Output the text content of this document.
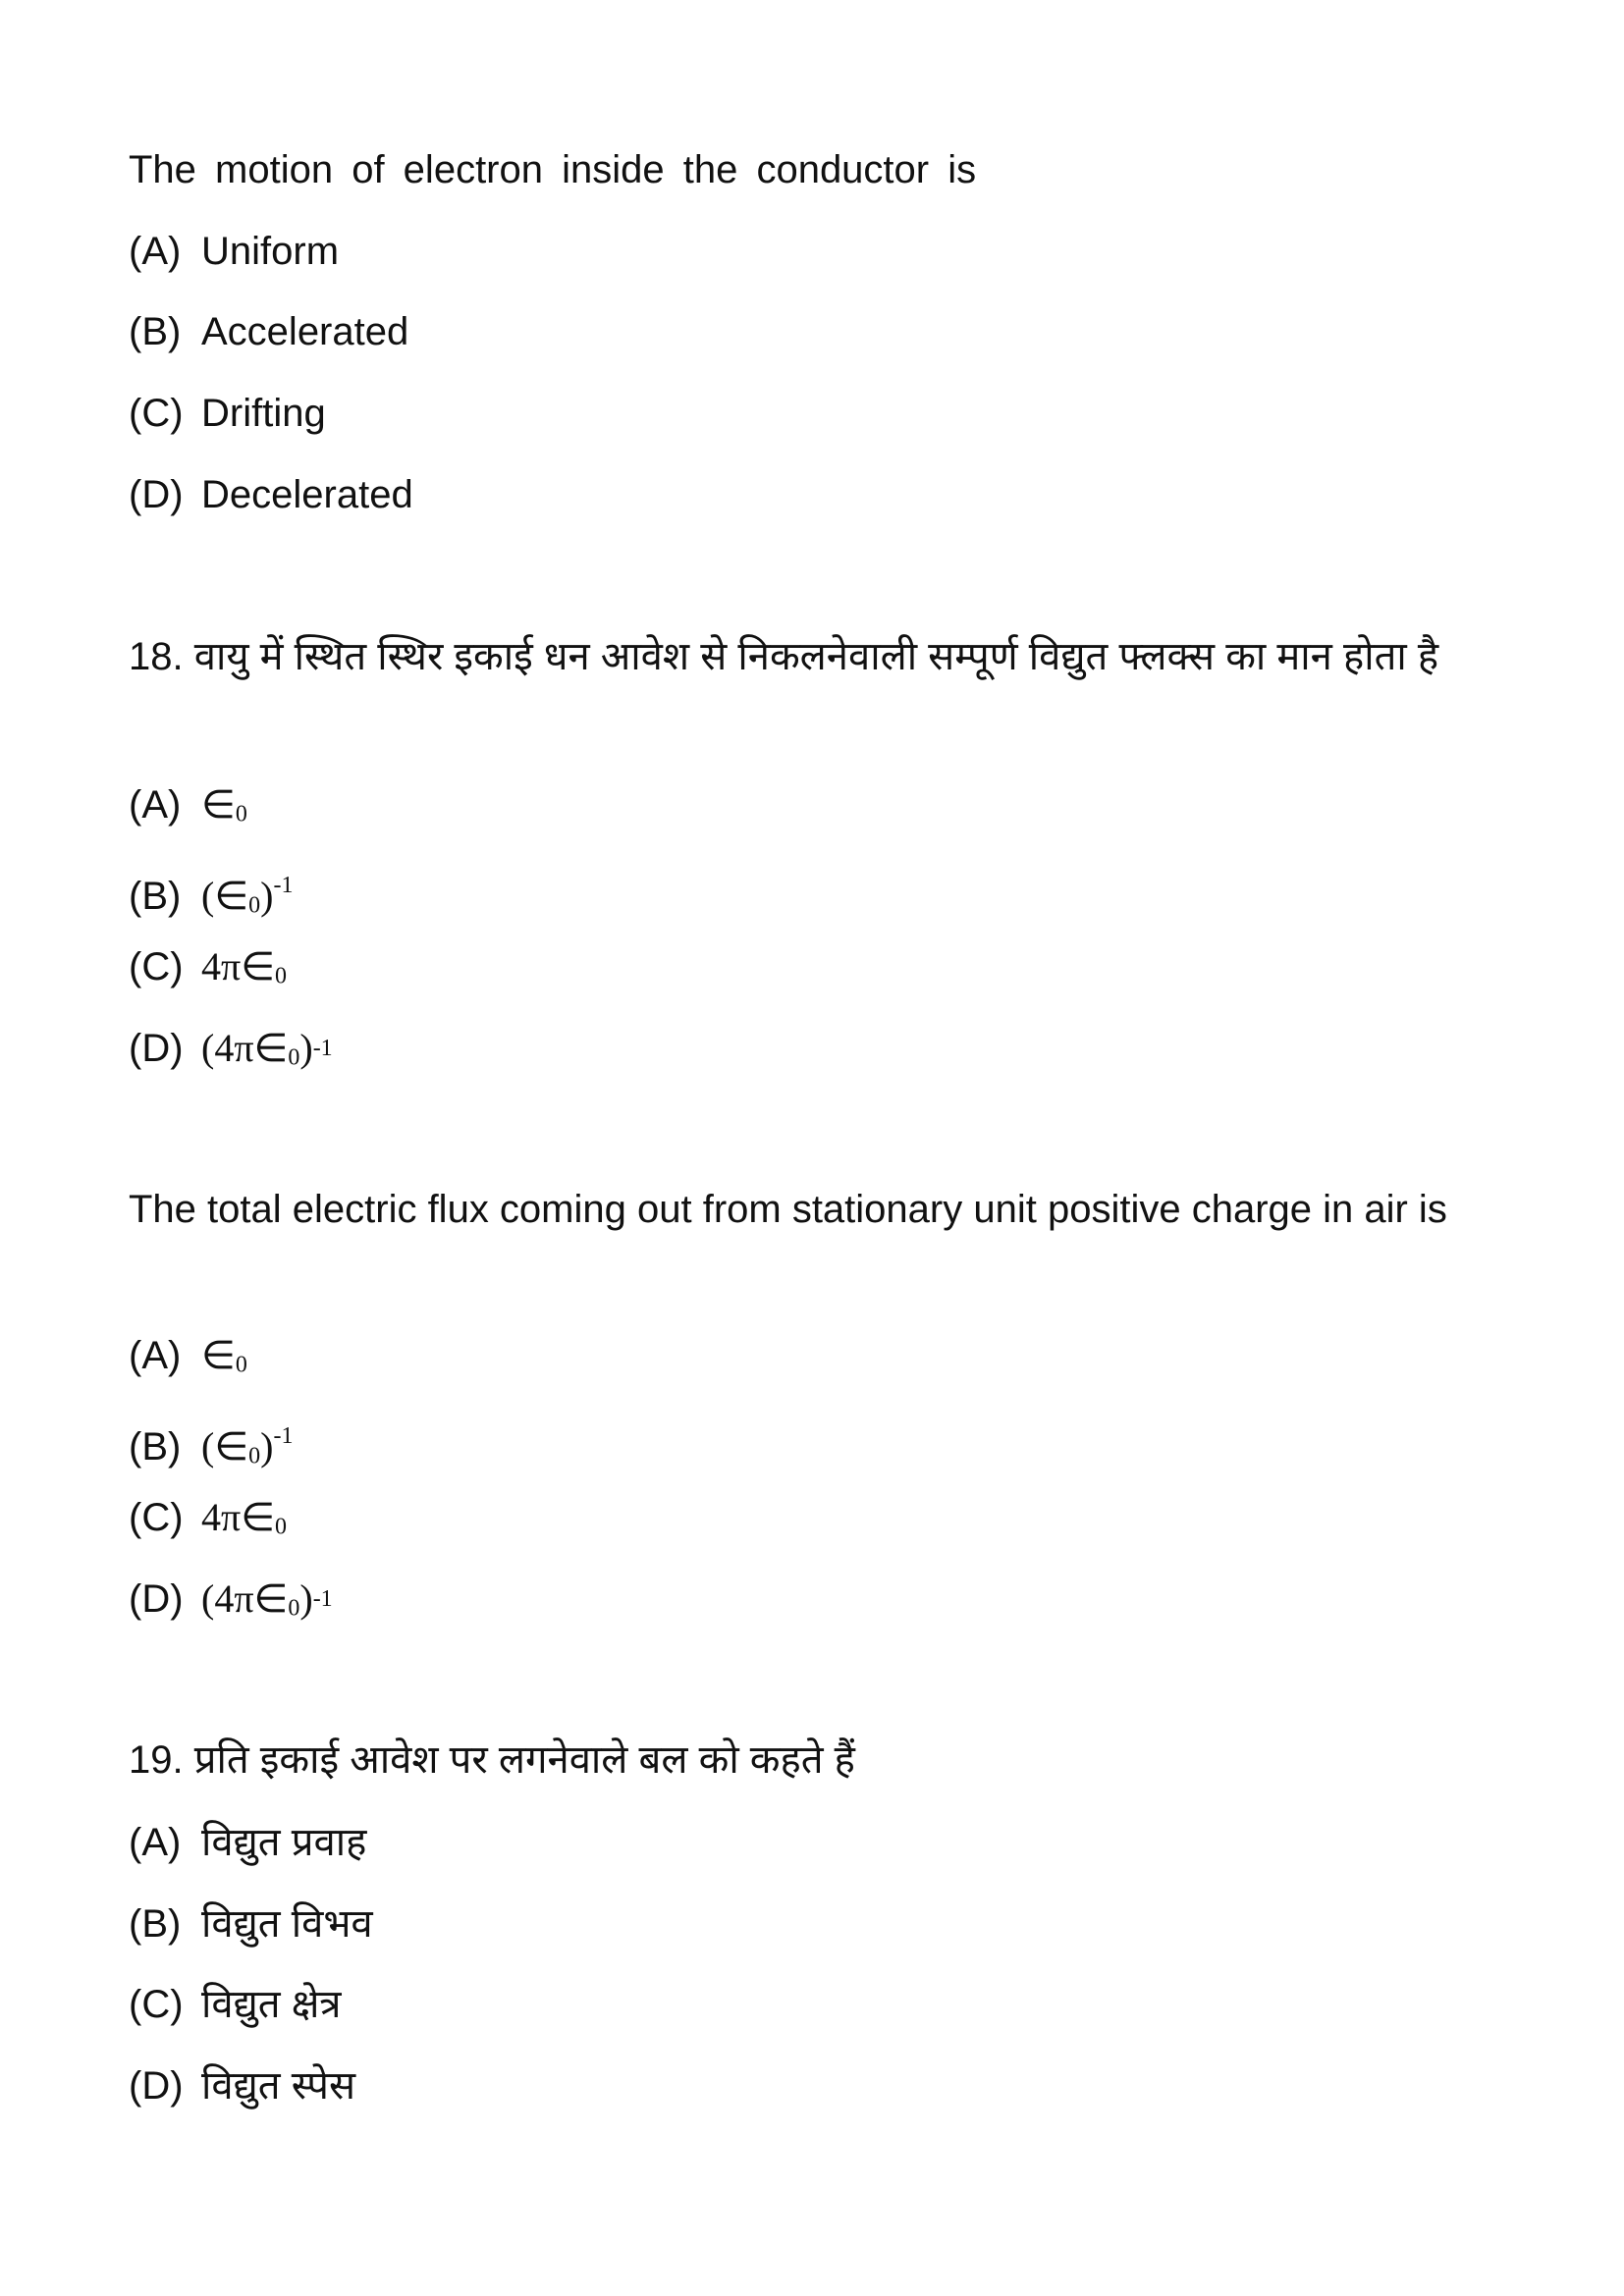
The motion of electron inside the conductor is
(A) Uniform
(B) Accelerated
(C) Drifting
(D) Decelerated
18. वायु में स्थित स्थिर इकाई धन आवेश से निकलनेवाली सम्पूर्ण विद्युत फ्लक्स का मान होता है
(A) $\in_0$
(B) $(\in_0)^{-1}$
(C) $4\pi\in_0$
(D) $(4\pi\in_0)-1$
The total electric flux coming out from stationary unit positive charge in air is
(A) $\in_0$
(B) $(\in_0)^{-1}$
(C) $4\pi\in_0$
(D) $(4\pi\in_0)-1$
19. प्रति इकाई आवेश पर लगनेवाले बल को कहते हैं
(A) विद्युत प्रवाह
(B) विद्युत विभव
(C) विद्युत क्षेत्र
(D) विद्युत स्पेस
